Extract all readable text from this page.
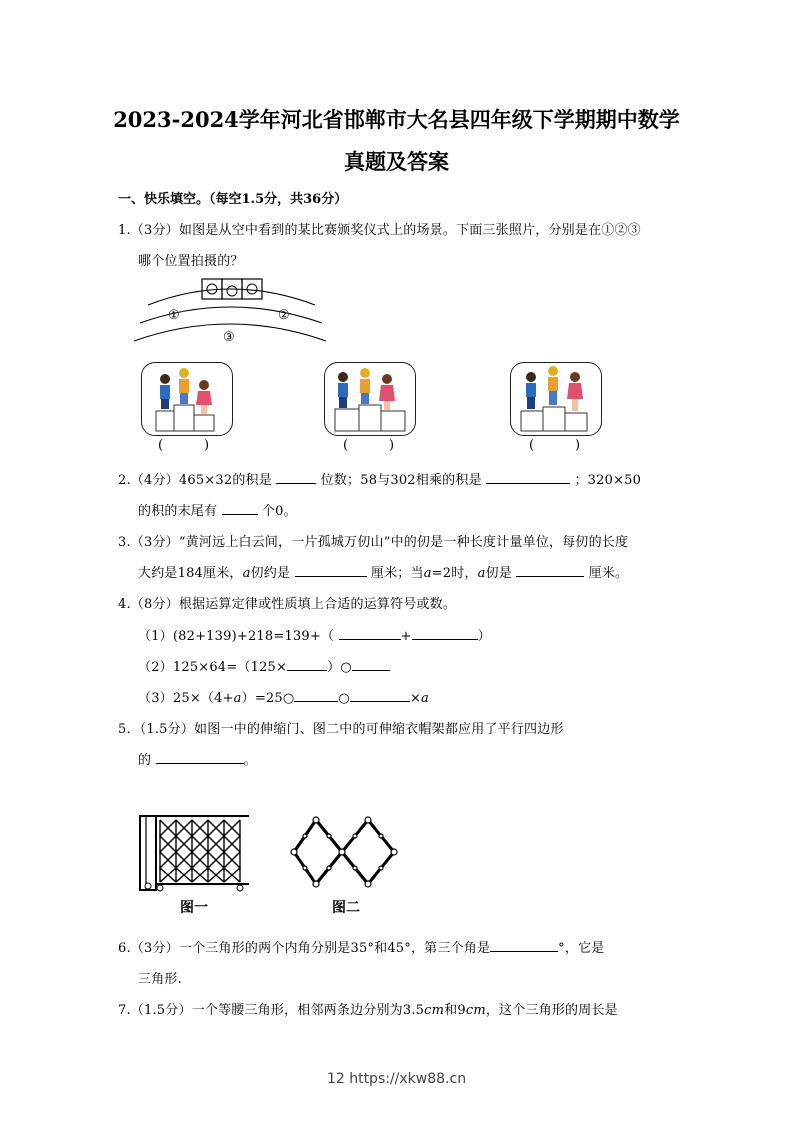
2023-2024学年河北省邯郸市大名县四年级下学期期中数学
真题及答案
一、快乐填空。（每空1.5分，共36分）
1.（3分）如图是从空中看到的某比赛颁奖仪式上的场景。下面三张照片，分别是在①②③
哪个位置拍摄的？
①	②
③
(	)	(	)	(	)
2.（4分）465×32的积是	位数；58与302相乘的积是	；320×50
的积的末尾有	个0。
3.（3分）“黄河远上白云间，一片孤城万仞山”中的仞是一种长度计量单位，每仞的长度
大约是184厘米，a仞约是	厘米；当a=2时，a仞是	厘米。
4.（8分）根据运算定律或性质填上合适的运算符号或数。
（1）(82+139)+218=139+（	+	）
（2）125×64=（125×	）○
（3）25×（4+a）=25○	○	×a
5．（1.5分）如图一中的伸缩门、图二中的可伸缩衣帽架都应用了平行四边形
的	。
图一	图二
6.（3分）一个三角形的两个内角分别是35°和45°，第三个角是	°，它是
三角形.
7.（1.5分）一个等腰三角形，相邻两条边分别为3.5cm和9cm，这个三角形的周长是
12 https://xkw88.cn
